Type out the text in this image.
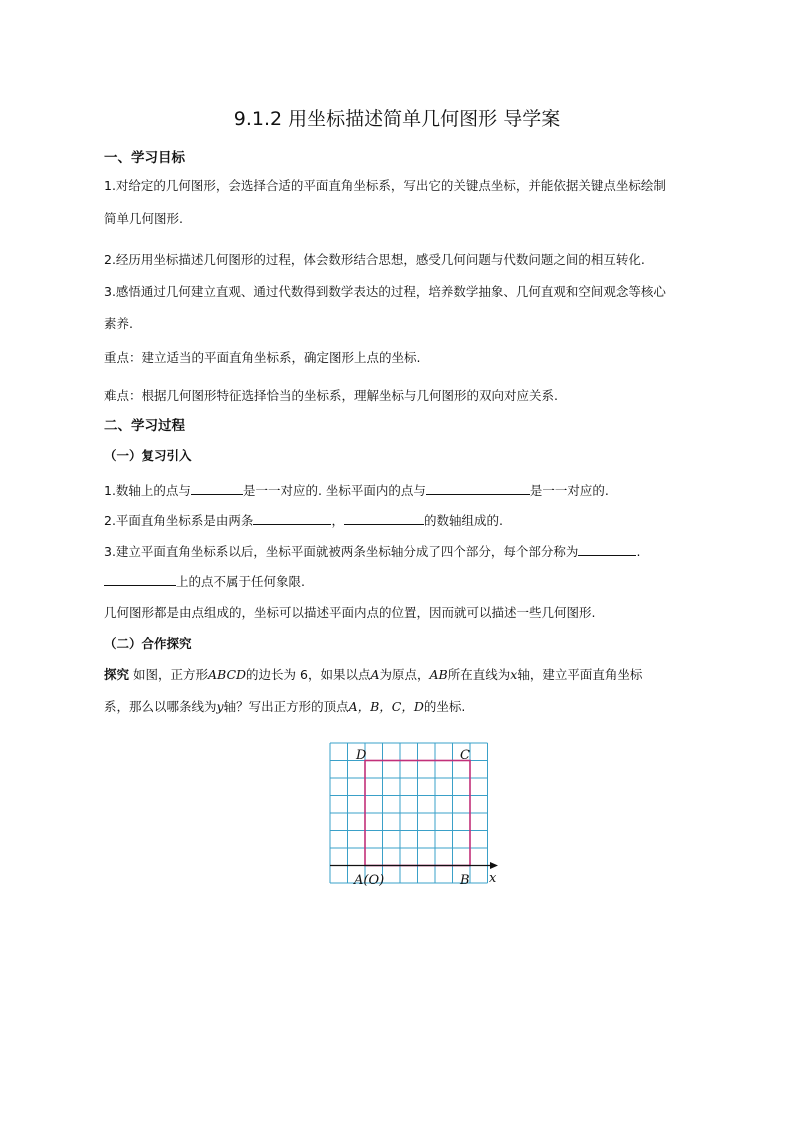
9.1.2 用坐标描述简单几何图形 导学案
一、学习目标
1.对给定的几何图形，会选择合适的平面直角坐标系，写出它的关键点坐标，并能依据关键点坐标绘制
简单几何图形.
2.经历用坐标描述几何图形的过程，体会数形结合思想，感受几何问题与代数问题之间的相互转化.
3.感悟通过几何建立直观、通过代数得到数学表达的过程，培养数学抽象、几何直观和空间观念等核心
素养.
重点：建立适当的平面直角坐标系，确定图形上点的坐标.
难点：根据几何图形特征选择恰当的坐标系，理解坐标与几何图形的双向对应关系.
二、学习过程
（一）复习引入
1.数轴上的点与	是一一对应的. 坐标平面内的点与	是一一对应的.
2.平面直角坐标系是由两条	，	的数轴组成的.
3.建立平面直角坐标系以后，坐标平面就被两条坐标轴分成了四个部分，每个部分称为	.
上的点不属于任何象限.
几何图形都是由点组成的，坐标可以描述平面内点的位置，因而就可以描述一些几何图形.
（二）合作探究
探究 如图，正方形ABCD的边长为 6，如果以点A为原点，AB所在直线为x轴，建立平面直角坐标
系，那么以哪条线为y轴？写出正方形的顶点A，B，C，D的坐标.
D	C
A(O)	B x
